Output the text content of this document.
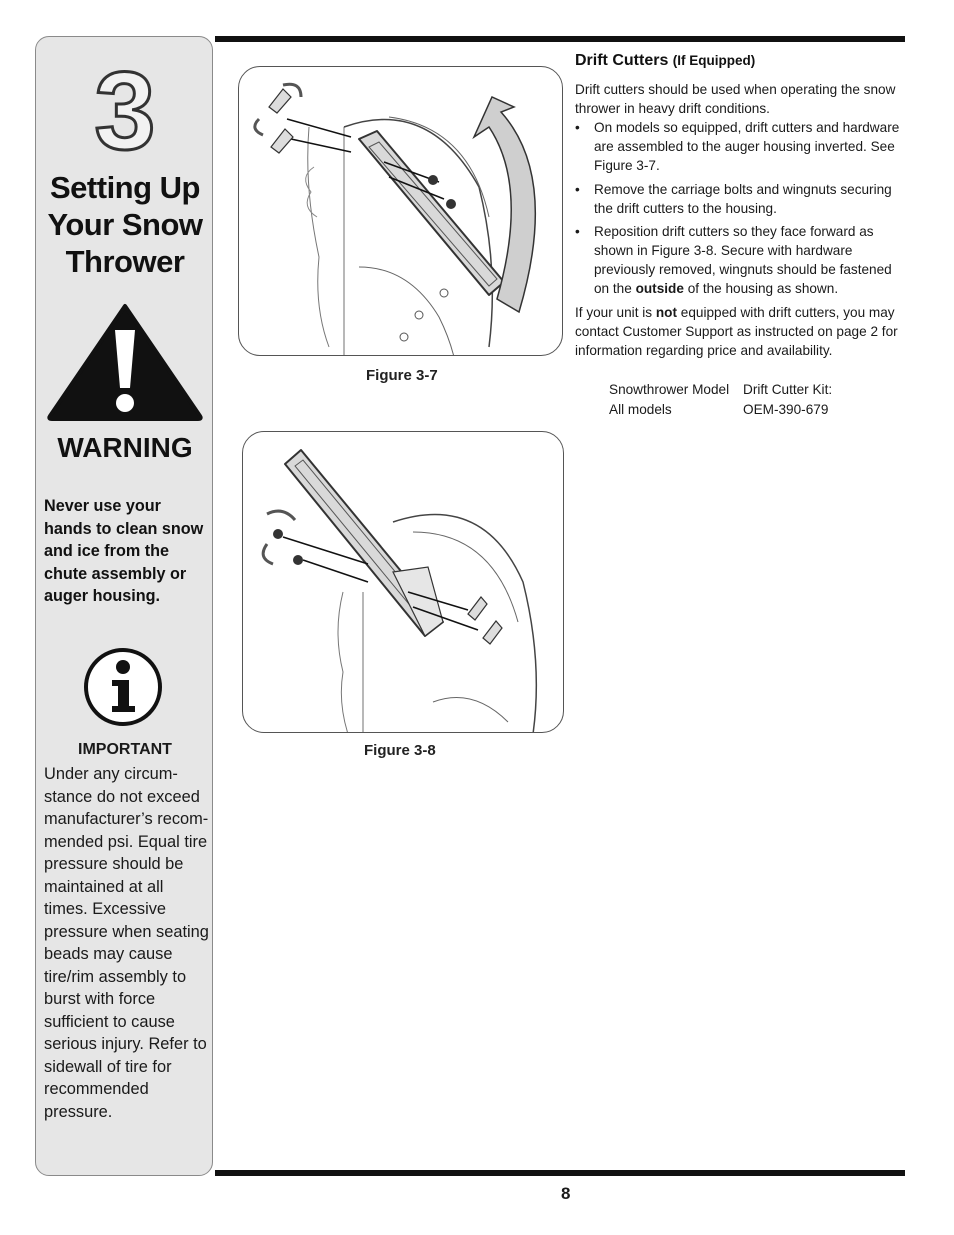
3
Setting Up Your Snow Thrower
WARNING
Never use your hands to clean snow and ice from the chute assembly or auger housing.
IMPORTANT
Under any circum-stance do not exceed manufacturer’s recom-mended psi. Equal tire pressure should be maintained at all times. Excessive pressure when seating beads may cause tire/rim assembly to burst with force sufficient to cause serious injury. Refer to sidewall of tire for recommended pressure.
Figure 3-7
Figure 3-8
Drift Cutters (If Equipped)
Drift cutters should be used when operating the snow thrower in heavy drift conditions.
• On models so equipped, drift cutters and hardware are assembled to the auger housing inverted. See Figure 3-7.
• Remove the carriage bolts and wingnuts securing the drift cutters to the housing.
• Reposition drift cutters so they face forward as shown in Figure 3-8. Secure with hardware previously removed, wingnuts should be fastened on the outside of the housing as shown.
If your unit is not equipped with drift cutters, you may contact Customer Support as instructed on page 2 for information regarding price and availability.
Snowthrower Model	Drift Cutter Kit:
All models	OEM-390-679
8
